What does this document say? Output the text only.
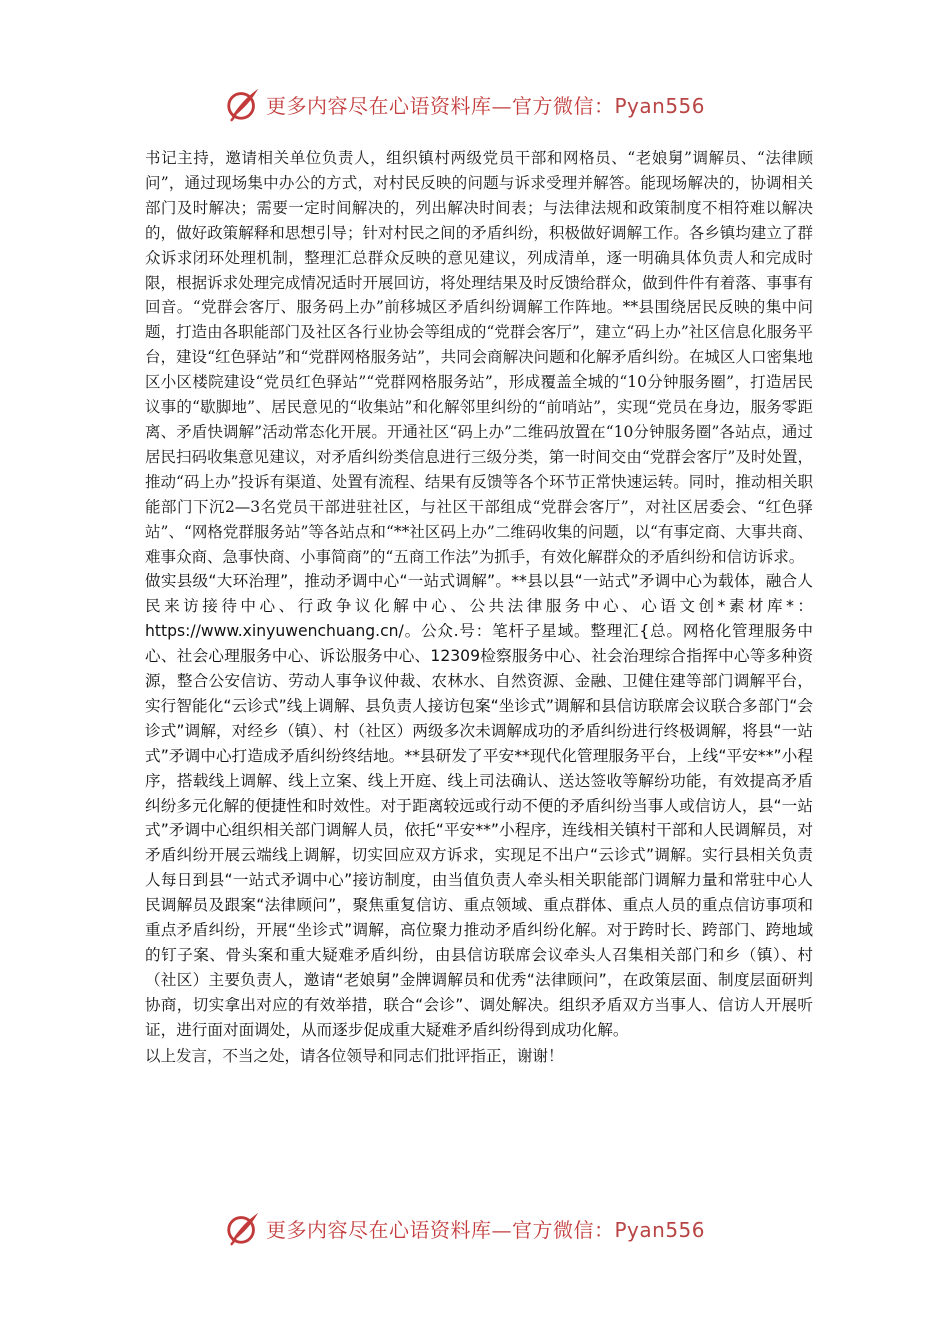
更多内容尽在心语资料库—官方微信：Pyan556

书记主持，邀请相关单位负责人，组织镇村两级党员干部和网格员、“老娘舅”调解员、“法律顾问”，通过现场集中办公的方式，对村民反映的问题与诉求受理并解答。能现场解决的，协调相关部门及时解决；需要一定时间解决的，列出解决时间表；与法律法规和政策制度不相符难以解决的，做好政策解释和思想引导；针对村民之间的矛盾纠纷，积极做好调解工作。各乡镇均建立了群众诉求闭环处理机制，整理汇总群众反映的意见建议，列成清单，逐一明确具体负责人和完成时限，根据诉求处理完成情况适时开展回访，将处理结果及时反馈给群众，做到件件有着落、事事有回音。“党群会客厅、服务码上办”前移城区矛盾纠纷调解工作阵地。**县围绕居民反映的集中问题，打造由各职能部门及社区各行业协会等组成的“党群会客厅”，建立“码上办”社区信息化服务平台，建设“红色驿站”和“党群网格服务站”，共同会商解决问题和化解矛盾纠纷。在城区人口密集地区小区楼院建设“党员红色驿站”“党群网格服务站”，形成覆盖全城的“10分钟服务圈”，打造居民议事的“歇脚地”、居民意见的“收集站”和化解邻里纠纷的“前哨站”，实现“党员在身边，服务零距离、矛盾快调解”活动常态化开展。开通社区“码上办”二维码放置在“10分钟服务圈”各站点，通过居民扫码收集意见建议，对矛盾纠纷类信息进行三级分类，第一时间交由“党群会客厅”及时处置，推动“码上办”投诉有渠道、处置有流程、结果有反馈等各个环节正常快速运转。同时，推动相关职能部门下沉2—3名党员干部进驻社区，与社区干部组成“党群会客厅”，对社区居委会、“红色驿站”、“网格党群服务站”等各站点和“**社区码上办”二维码收集的问题，以“有事定商、大事共商、难事众商、急事快商、小事简商”的“五商工作法”为抓手，有效化解群众的矛盾纠纷和信访诉求。

做实县级“大环治理”，推动矛调中心“一站式调解”。**县以县“一站式”矛调中心为载体，融合人民来访接待中心、行政争议化解中心、公共法律服务中心、心语文创*素材库*：https://www.xinyuwenchuang.cn/。公众.号：笔杆子星域。整理汇{总。网格化管理服务中心、社会心理服务中心、诉讼服务中心、12309检察服务中心、社会治理综合指挥中心等多种资源，整合公安信访、劳动人事争议仲裁、农林水、自然资源、金融、卫健住建等部门调解平台，实行智能化“云诊式”线上调解、县负责人接访包案“坐诊式”调解和县信访联席会议联合多部门“会诊式”调解，对经乡（镇）、村（社区）两级多次未调解成功的矛盾纠纷进行终极调解，将县“一站式”矛调中心打造成矛盾纠纷终结地。**县研发了平安**现代化管理服务平台，上线“平安**”小程序，搭载线上调解、线上立案、线上开庭、线上司法确认、送达签收等解纷功能，有效提高矛盾纠纷多元化解的便捷性和时效性。对于距离较远或行动不便的矛盾纠纷当事人或信访人，县“一站式”矛调中心组织相关部门调解人员，依托“平安**”小程序，连线相关镇村干部和人民调解员，对矛盾纠纷开展云端线上调解，切实回应双方诉求，实现足不出户“云诊式”调解。实行县相关负责人每日到县“一站式矛调中心”接访制度，由当值负责人牵头相关职能部门调解力量和常驻中心人民调解员及跟案“法律顾问”，聚焦重复信访、重点领域、重点群体、重点人员的重点信访事项和重点矛盾纠纷，开展“坐诊式”调解，高位聚力推动矛盾纠纷化解。对于跨时长、跨部门、跨地域的钉子案、骨头案和重大疑难矛盾纠纷，由县信访联席会议牵头人召集相关部门和乡（镇）、村（社区）主要负责人，邀请“老娘舅”金牌调解员和优秀“法律顾问”，在政策层面、制度层面研判协商，切实拿出对应的有效举措，联合“会诊”、调处解决。组织矛盾双方当事人、信访人开展听证，进行面对面调处，从而逐步促成重大疑难矛盾纠纷得到成功化解。

以上发言，不当之处，请各位领导和同志们批评指正，谢谢！

更多内容尽在心语资料库—官方微信：Pyan556
